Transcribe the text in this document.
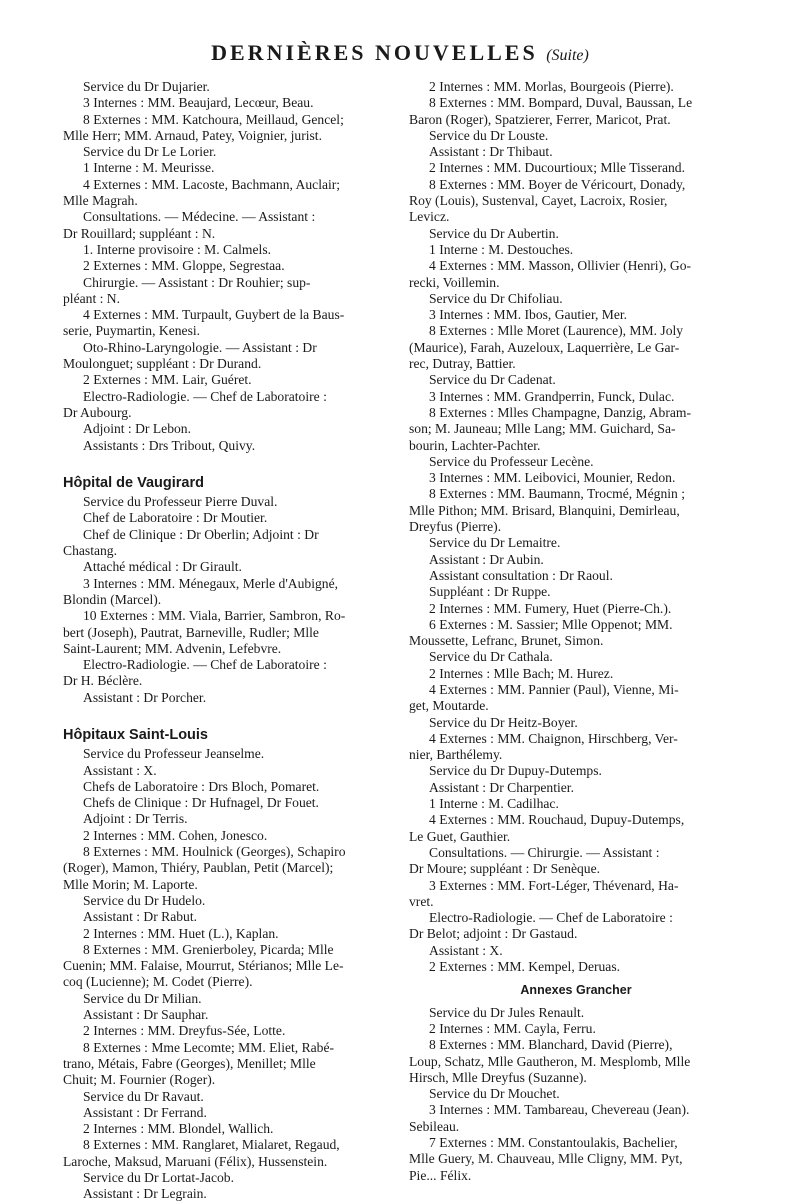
DERNIÈRES NOUVELLES (Suite)

Service du Dr Dujarier.

3 Internes : MM. Beaujard, Lecœur, Beau.

8 Externes : MM. Katchoura, Meillaud, Gencel;

Mlle Herr; MM. Arnaud, Patey, Voignier, jurist.

Service du Dr Le Lorier.

1 Interne : M. Meurisse.

4 Externes : MM. Lacoste, Bachmann, Auclair;

Mlle Magrah.

Consultations. — Médecine. — Assistant :

Dr Rouillard; suppléant : N.

1. Interne provisoire : M. Calmels.

2 Externes : MM. Gloppe, Segrestaa.

Chirurgie. — Assistant : Dr Rouhier; sup-

pléant : N.

4 Externes : MM. Turpault, Guybert de la Baus-

serie, Puymartin, Kenesi.

Oto-Rhino-Laryngologie. — Assistant : Dr

Moulonguet; suppléant : Dr Durand.

2 Externes : MM. Lair, Guéret.

Electro-Radiologie. — Chef de Laboratoire :

Dr Aubourg.

Adjoint : Dr Lebon.

Assistants : Drs Tribout, Quivy.

Hôpital de Vaugirard

Service du Professeur Pierre Duval.

Chef de Laboratoire : Dr Moutier.

Chef de Clinique : Dr Oberlin; Adjoint : Dr

Chastang.

Attaché médical : Dr Girault.

3 Internes : MM. Ménegaux, Merle d'Aubigné,

Blondin (Marcel).

10 Externes : MM. Viala, Barrier, Sambron, Ro-

bert (Joseph), Pautrat, Barneville, Rudler; Mlle

Saint-Laurent; MM. Advenin, Lefebvre.

Electro-Radiologie. — Chef de Laboratoire :

Dr H. Béclère.

Assistant : Dr Porcher.

Hôpitaux Saint-Louis

Service du Professeur Jeanselme.

Assistant : X.

Chefs de Laboratoire : Drs Bloch, Pomaret.

Chefs de Clinique : Dr Hufnagel, Dr Fouet.

Adjoint : Dr Terris.

2 Internes : MM. Cohen, Jonesco.

8 Externes : MM. Houlnick (Georges), Schapiro

(Roger), Mamon, Thiéry, Paublan, Petit (Marcel);

Mlle Morin; M. Laporte.

Service du Dr Hudelo.

Assistant : Dr Rabut.

2 Internes : MM. Huet (L.), Kaplan.

8 Externes : MM. Grenierboley, Picarda; Mlle

Cuenin; MM. Falaise, Mourrut, Stérianos; Mlle Le-

coq (Lucienne); M. Codet (Pierre).

Service du Dr Milian.

Assistant : Dr Sauphar.

2 Internes : MM. Dreyfus-Sée, Lotte.

8 Externes : Mme Lecomte; MM. Eliet, Rabé-

trano, Métais, Fabre (Georges), Menillet; Mlle

Chuit; M. Fournier (Roger).

Service du Dr Ravaut.

Assistant : Dr Ferrand.

2 Internes : MM. Blondel, Wallich.

8 Externes : MM. Ranglaret, Mialaret, Regaud,

Laroche, Maksud, Maruani (Félix), Hussenstein.

Service du Dr Lortat-Jacob.

Assistant : Dr Legrain.

2 Internes : MM. Morlas, Bourgeois (Pierre).

8 Externes : MM. Bompard, Duval, Baussan, Le

Baron (Roger), Spatzierer, Ferrer, Maricot, Prat.

Service du Dr Louste.

Assistant : Dr Thibaut.

2 Internes : MM. Ducourtioux; Mlle Tisserand.

8 Externes : MM. Boyer de Véricourt, Donady,

Roy (Louis), Sustenval, Cayet, Lacroix, Rosier,

Levicz.

Service du Dr Aubertin.

1 Interne : M. Destouches.

4 Externes : MM. Masson, Ollivier (Henri), Go-

recki, Voillemin.

Service du Dr Chifoliau.

3 Internes : MM. Ibos, Gautier, Mer.

8 Externes : Mlle Moret (Laurence), MM. Joly

(Maurice), Farah, Auzeloux, Laquerrière, Le Gar-

rec, Dutray, Battier.

Service du Dr Cadenat.

3 Internes : MM. Grandperrin, Funck, Dulac.

8 Externes : Mlles Champagne, Danzig, Abram-

son; M. Jauneau; Mlle Lang; MM. Guichard, Sa-

bourin, Lachter-Pachter.

Service du Professeur Lecène.

3 Internes : MM. Leibovici, Mounier, Redon.

8 Externes : MM. Baumann, Trocmé, Mégnin ;

Mlle Pithon; MM. Brisard, Blanquini, Demirleau,

Dreyfus (Pierre).

Service du Dr Lemaitre.

Assistant : Dr Aubin.

Assistant consultation : Dr Raoul.

Suppléant : Dr Ruppe.

2 Internes : MM. Fumery, Huet (Pierre-Ch.).

6 Externes : M. Sassier; Mlle Oppenot; MM.

Moussette, Lefranc, Brunet, Simon.

Service du Dr Cathala.

2 Internes : Mlle Bach; M. Hurez.

4 Externes : MM. Pannier (Paul), Vienne, Mi-

get, Moutarde.

Service du Dr Heitz-Boyer.

4 Externes : MM. Chaignon, Hirschberg, Ver-

nier, Barthélemy.

Service du Dr Dupuy-Dutemps.

Assistant : Dr Charpentier.

1 Interne : M. Cadilhac.

4 Externes : MM. Rouchaud, Dupuy-Dutemps,

Le Guet, Gauthier.

Consultations. — Chirurgie. — Assistant :

Dr Moure; suppléant : Dr Senèque.

3 Externes : MM. Fort-Léger, Thévenard, Ha-

vret.

Electro-Radiologie. — Chef de Laboratoire :

Dr Belot; adjoint : Dr Gastaud.

Assistant : X.

2 Externes : MM. Kempel, Deruas.

Annexes Grancher

Service du Dr Jules Renault.

2 Internes : MM. Cayla, Ferru.

8 Externes : MM. Blanchard, David (Pierre),

Loup, Schatz, Mlle Gautheron, M. Mesplomb, Mlle

Hirsch, Mlle Dreyfus (Suzanne).

Service du Dr Mouchet.

3 Internes : MM. Tambareau, Chevereau (Jean).

Sebileau.

7 Externes : MM. Constantoulakis, Bachelier,

Mlle Guery, M. Chauveau, Mlle Cligny, MM. Pyt,

Pie... Félix.
